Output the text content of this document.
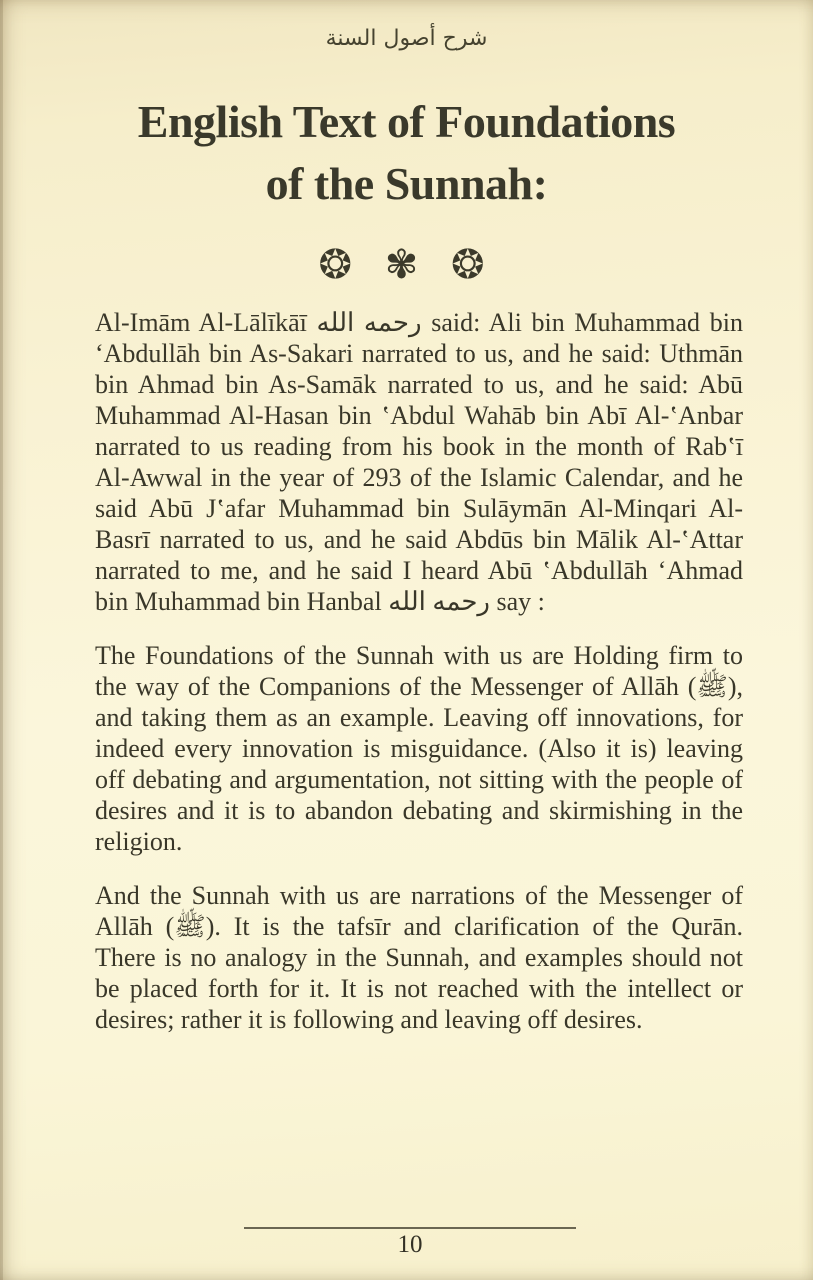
شرح أصول السنة
English Text of Foundations
of the Sunnah:
❂ ✾ ❂

Al-Imām Al-Lālīkāī رحمه الله said: Ali bin Muhammad bin ‘Abdullāh bin As-Sakari narrated to us, and he said: Uthmān bin Ahmad bin As-Samāk narrated to us, and he said: Abū Muhammad Al-Hasan bin ʽAbdul Wahāb bin Abī Al-ʽAnbar narrated to us reading from his book in the month of Rabʽī Al-Awwal in the year of 293 of the Islamic Calendar, and he said Abū Jʽafar Muhammad bin Sulāymān Al-Minqari Al-Basrī narrated to us, and he said Abdūs bin Mālik Al-ʽAttar narrated to me, and he said I heard Abū ʽAbdullāh ‘Ahmad bin Muhammad bin Hanbal رحمه الله say :

The Foundations of the Sunnah with us are Holding firm to the way of the Companions of the Messenger of Allāh (ﷺ), and taking them as an example. Leaving off innovations, for indeed every innovation is misguidance. (Also it is) leaving off debating and argumentation, not sitting with the people of desires and it is to abandon debating and skirmishing in the religion.

And the Sunnah with us are narrations of the Messenger of Allāh (ﷺ). It is the tafsīr and clarification of the Qurān. There is no analogy in the Sunnah, and examples should not be placed forth for it. It is not reached with the intellect or desires; rather it is following and leaving off desires.

10
